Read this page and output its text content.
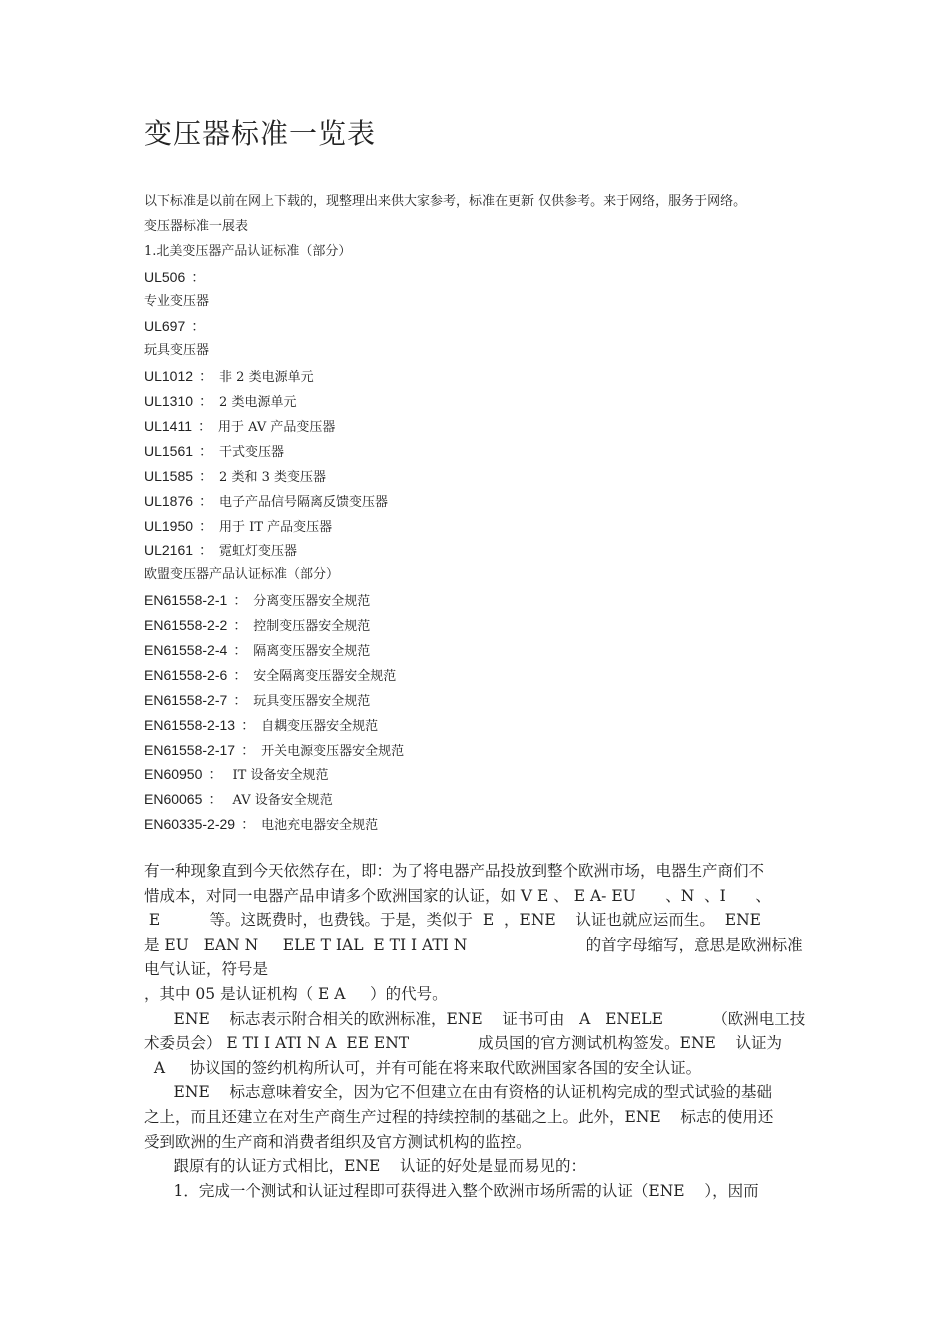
变压器标准一览表
以下标准是以前在网上下载的，现整理出来供大家参考，标准在更新 仅供参考。来于网络，服务于网络。
变压器标准一展表
1.北美变压器产品认证标准（部分）
UL506 ：
专业变压器
UL697 ：
玩具变压器
UL1012 ： 非 2 类电源单元
UL1310 ： 2 类电源单元
UL1411 ： 用于 AV 产品变压器
UL1561 ： 干式变压器
UL1585 ： 2 类和 3 类变压器
UL1876 ： 电子产品信号隔离反馈变压器
UL1950 ： 用于 IT 产品变压器
UL2161 ： 霓虹灯变压器
欧盟变压器产品认证标准（部分）
EN61558-2-1 ： 分离变压器安全规范
EN61558-2-2 ： 控制变压器安全规范
EN61558-2-4 ： 隔离变压器安全规范
EN61558-2-6 ： 安全隔离变压器安全规范
EN61558-2-7 ： 玩具变压器安全规范
EN61558-2-13 ： 自耦变压器安全规范
EN61558-2-17 ： 开关电源变压器安全规范
EN60950 ： IT 设备安全规范
EN60065 ： AV 设备安全规范
EN60335-2-29 ： 电池充电器安全规范
有一种现象直到今天依然存在，即：为了将电器产品投放到整个欧洲市场，电器生产商们不
惜成本，对同一电器产品申请多个欧洲国家的认证，如 V E 、 E A- EU      、N  、I      、
E          等。这既费时，也费钱。于是，类似于  E  ，ENE    认证也就应运而生。  ENE
是 EU   EAN N     ELE T IAL  E TI I ATI N                        的首字母缩写，意思是欧洲标准
电气认证，符号是
，其中 05 是认证机构（ E A     ）的代号。
ENE    标志表示附合相关的欧洲标准，ENE    证书可由   A   ENELE          （欧洲电工技
术委员会） E TI I ATI N A  EE ENT              成员国的官方测试机构签发。ENE    认证为
A     协议国的签约机构所认可，并有可能在将来取代欧洲国家各国的安全认证。
ENE    标志意味着安全，因为它不但建立在由有资格的认证机构完成的型式试验的基础
之上，而且还建立在对生产商生产过程的持续控制的基础之上。此外，ENE    标志的使用还
受到欧洲的生产商和消费者组织及官方测试机构的监控。
跟原有的认证方式相比，ENE    认证的好处是显而易见的：
1．完成一个测试和认证过程即可获得进入整个欧洲市场所需的认证（ENE    ），因而
